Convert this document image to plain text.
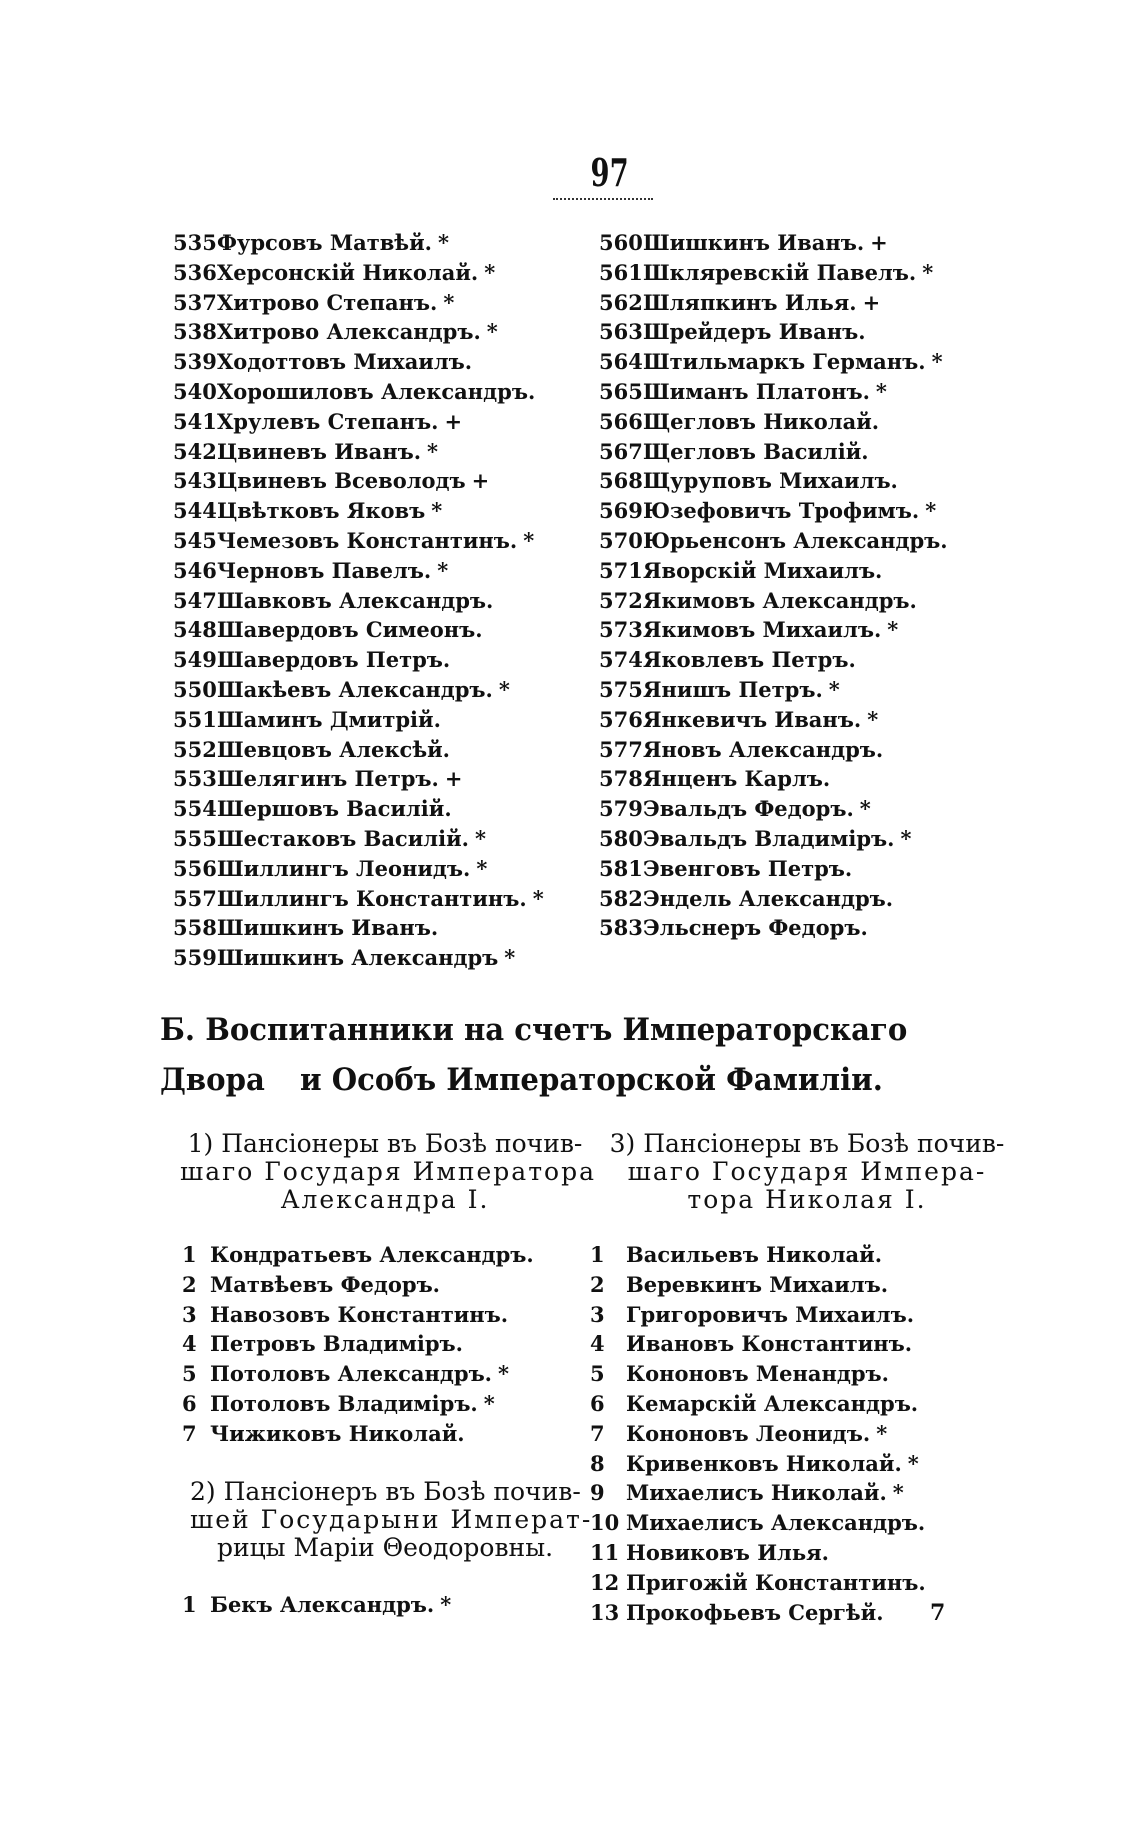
97
535Фурсовъ Матвѣй. *
536Херсонскій Николай. *
537Хитрово Степанъ. *
538Хитрово Александръ. *
539Ходоттовъ Михаилъ.
540Хорошиловъ Александръ.
541Хрулевъ Степанъ. +
542Цвиневъ Иванъ. *
543Цвиневъ Всеволодъ +
544Цвѣтковъ Яковъ *
545Чемезовъ Константинъ. *
546Черновъ Павелъ. *
547Шавковъ Александръ.
548Шавердовъ Симеонъ.
549Шавердовъ Петръ.
550Шакѣевъ Александръ. *
551Шаминъ Дмитрій.
552Шевцовъ Алексѣй.
553Шелягинъ Петръ. +
554Шершовъ Василій.
555Шестаковъ Василій. *
556Шиллингъ Леонидъ. *
557Шиллингъ Константинъ. *
558Шишкинъ Иванъ.
559Шишкинъ Александръ *
560Шишкинъ Иванъ. +
561Шкляревскій Павелъ. *
562Шляпкинъ Илья. +
563Шрейдеръ Иванъ.
564Штильмаркъ Германъ. *
565Шиманъ Платонъ. *
566Щегловъ Николай.
567Щегловъ Василій.
568Щуруповъ Михаилъ.
569Юзефовичъ Трофимъ. *
570Юрьенсонъ Александръ.
571Яворскій Михаилъ.
572Якимовъ Александръ.
573Якимовъ Михаилъ. *
574Яковлевъ Петръ.
575Янишъ Петръ. *
576Янкевичъ Иванъ. *
577Яновъ Александръ.
578Янценъ Карлъ.
579Эвальдъ Федоръ. *
580Эвальдъ Владиміръ. *
581Эвенговъ Петръ.
582Эндель Александръ.
583Эльснеръ Федоръ.
Б. Воспитанники на счетъ Императорскаго Двора	и Особъ Императорской Фамиліи.
1) Пансіонеры въ Бозѣ почив-
шаго Государя Императора
Александра I.
1 Кондратьевъ Александръ.
2 Матвѣевъ Федоръ.
3 Навозовъ Константинъ.
4 Петровъ Владиміръ.
5 Потоловъ Александръ. *
6 Потоловъ Владиміръ. *
7 Чижиковъ Николай.
2) Пансіонеръ въ Бозѣ почив-
шей Государыни Императ-
рицы Маріи Θеодоровны.
1 Бекъ Александръ. *
3) Пансіонеры въ Бозѣ почив-
шаго Государя Импера-
тора Николая I.
1 Васильевъ Николай.
2 Веревкинъ Михаилъ.
3 Григоровичъ Михаилъ.
4 Ивановъ Константинъ.
5 Кононовъ Менандръ.
6 Кемарскій Александръ.
7 Кононовъ Леонидъ. *
8 Кривенковъ Николай. *
9 Михаелисъ Николай. *
10 Михаелисъ Александръ.
11 Новиковъ Илья.
12 Пригожій Константинъ.
13 Прокофьевъ Сергѣй.	7
